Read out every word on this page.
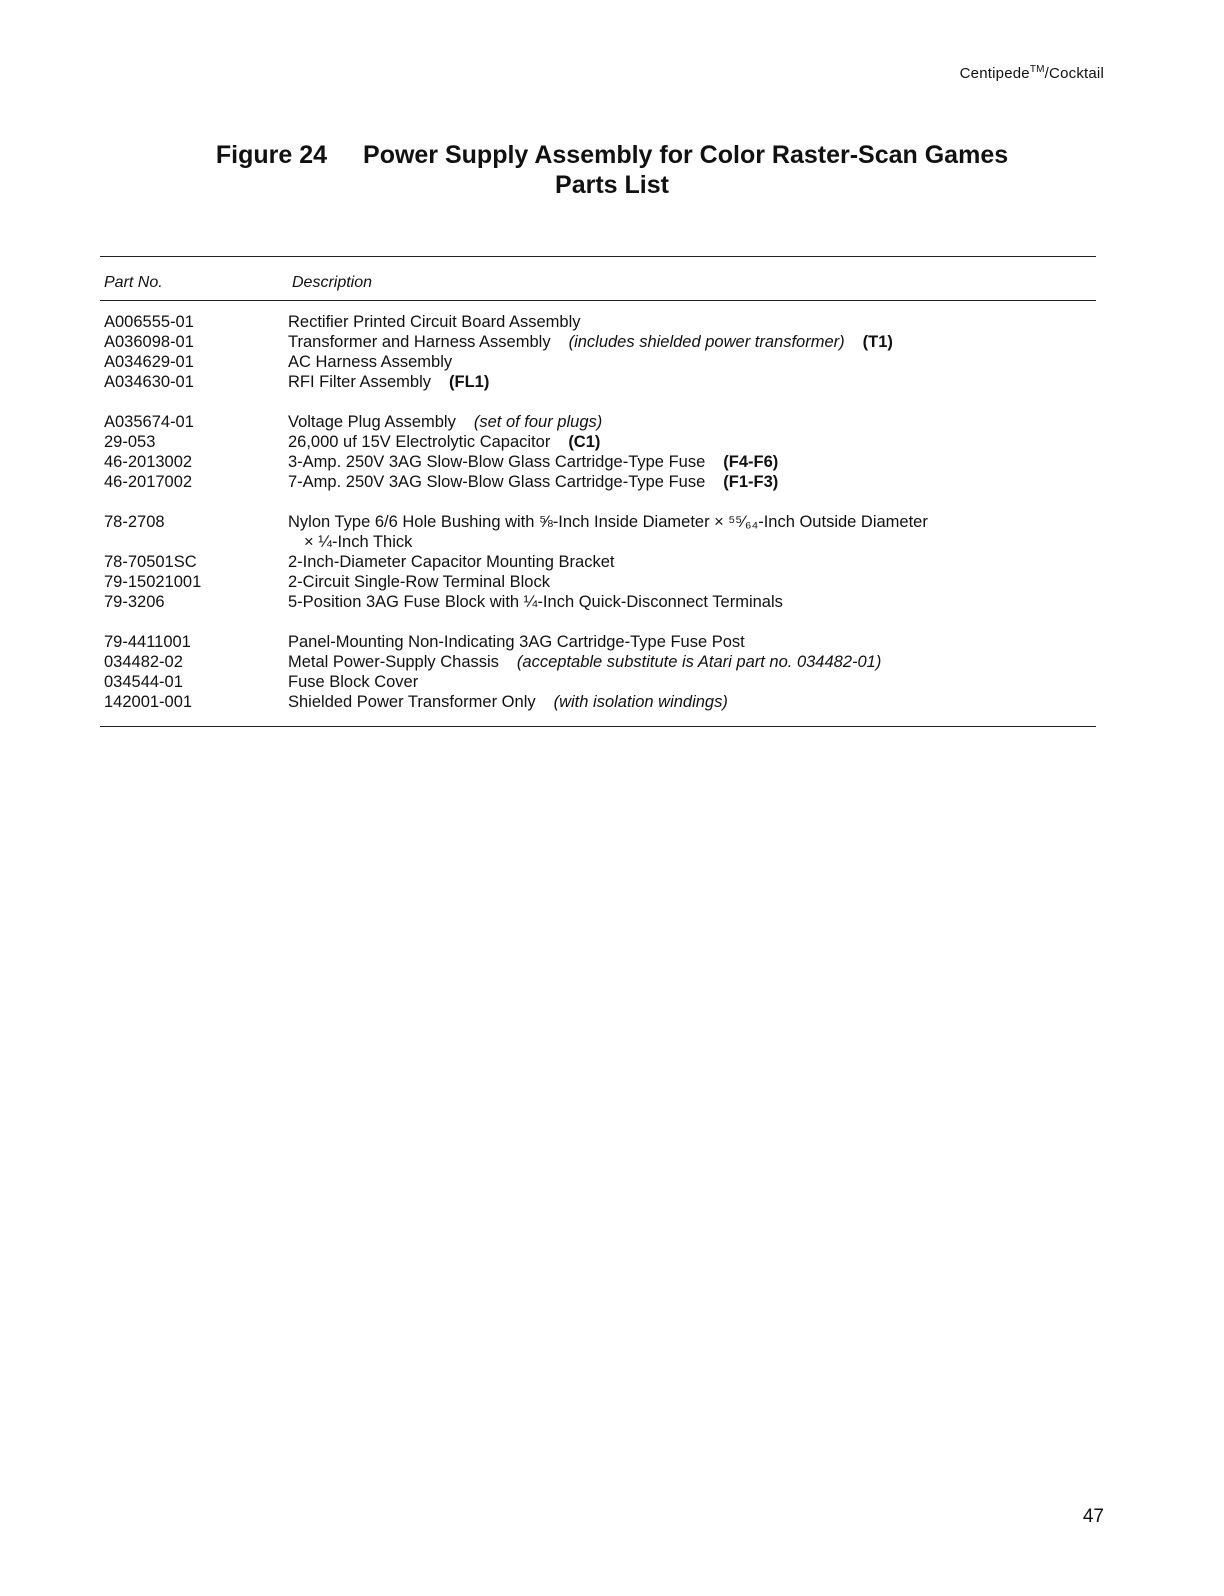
Centipede™/Cocktail
Figure 24 Power Supply Assembly for Color Raster-Scan Games
Parts List
Part No.	Description
A006555-01	Rectifier Printed Circuit Board Assembly
A036098-01	Transformer and Harness Assembly (includes shielded power transformer) (T1)
A034629-01	AC Harness Assembly
A034630-01	RFI Filter Assembly (FL1)
A035674-01	Voltage Plug Assembly (set of four plugs)
29-053	26,000 uf 15V Electrolytic Capacitor (C1)
46-2013002	3-Amp. 250V 3AG Slow-Blow Glass Cartridge-Type Fuse (F4-F6)
46-2017002	7-Amp. 250V 3AG Slow-Blow Glass Cartridge-Type Fuse (F1-F3)
78-2708	Nylon Type 6/6 Hole Bushing with ⅝-Inch Inside Diameter × ⁵⁵⁄₆₄-Inch Outside Diameter
× ¼-Inch Thick
78-70501SC	2-Inch-Diameter Capacitor Mounting Bracket
79-15021001	2-Circuit Single-Row Terminal Block
79-3206	5-Position 3AG Fuse Block with ¼-Inch Quick-Disconnect Terminals
79-4411001	Panel-Mounting Non-Indicating 3AG Cartridge-Type Fuse Post
034482-02	Metal Power-Supply Chassis (acceptable substitute is Atari part no. 034482-01)
034544-01	Fuse Block Cover
142001-001	Shielded Power Transformer Only (with isolation windings)
47
